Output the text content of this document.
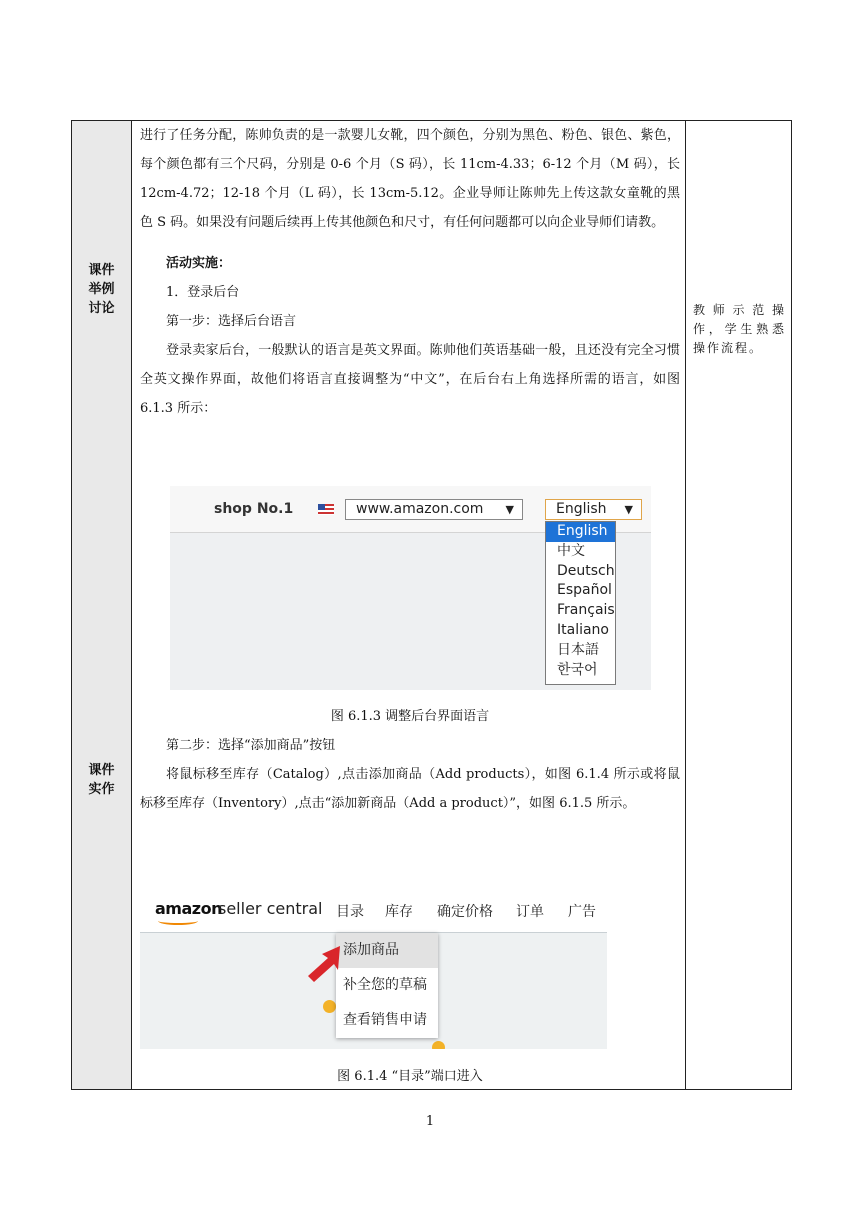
课件
举例
讨论
课件
实作
教师示范操作，学生熟悉操作流程。

进行了任务分配，陈帅负责的是一款婴儿女靴，四个颜色，分别为黑色、粉色、银色、紫色，每个颜色都有三个尺码，分别是 0-6 个月（S 码），长 11cm-4.33；6-12 个月（M 码），长 12cm-4.72；12-18 个月（L 码），长 13cm-5.12。企业导师让陈帅先上传这款女童靴的黑色 S 码。如果没有问题后续再上传其他颜色和尺寸，有任何问题都可以向企业导师们请教。

活动实施：

1．登录后台

第一步：选择后台语言

登录卖家后台，一般默认的语言是英文界面。陈帅他们英语基础一般，且还没有完全习惯全英文操作界面，故他们将语言直接调整为“中文”，在后台右上角选择所需的语言，如图 6.1.3 所示：

shop No.1	www.amazon.com ▼	English ▼
English
中文
Deutsch
Español
Français
Italiano
日本語
한국어

图 6.1.3 调整后台界面语言

第二步：选择“添加商品”按钮

将鼠标移至库存（Catalog）,点击添加商品（Add products），如图 6.1.4 所示或将鼠标移至库存（Inventory）,点击“添加新商品（Add a product）”，如图 6.1.5 所示。

amazon
seller central 目录 库存 确定价格 订单 广告
添加商品
补全您的草稿
查看销售申请

图 6.1.4 “目录”端口进入

1
